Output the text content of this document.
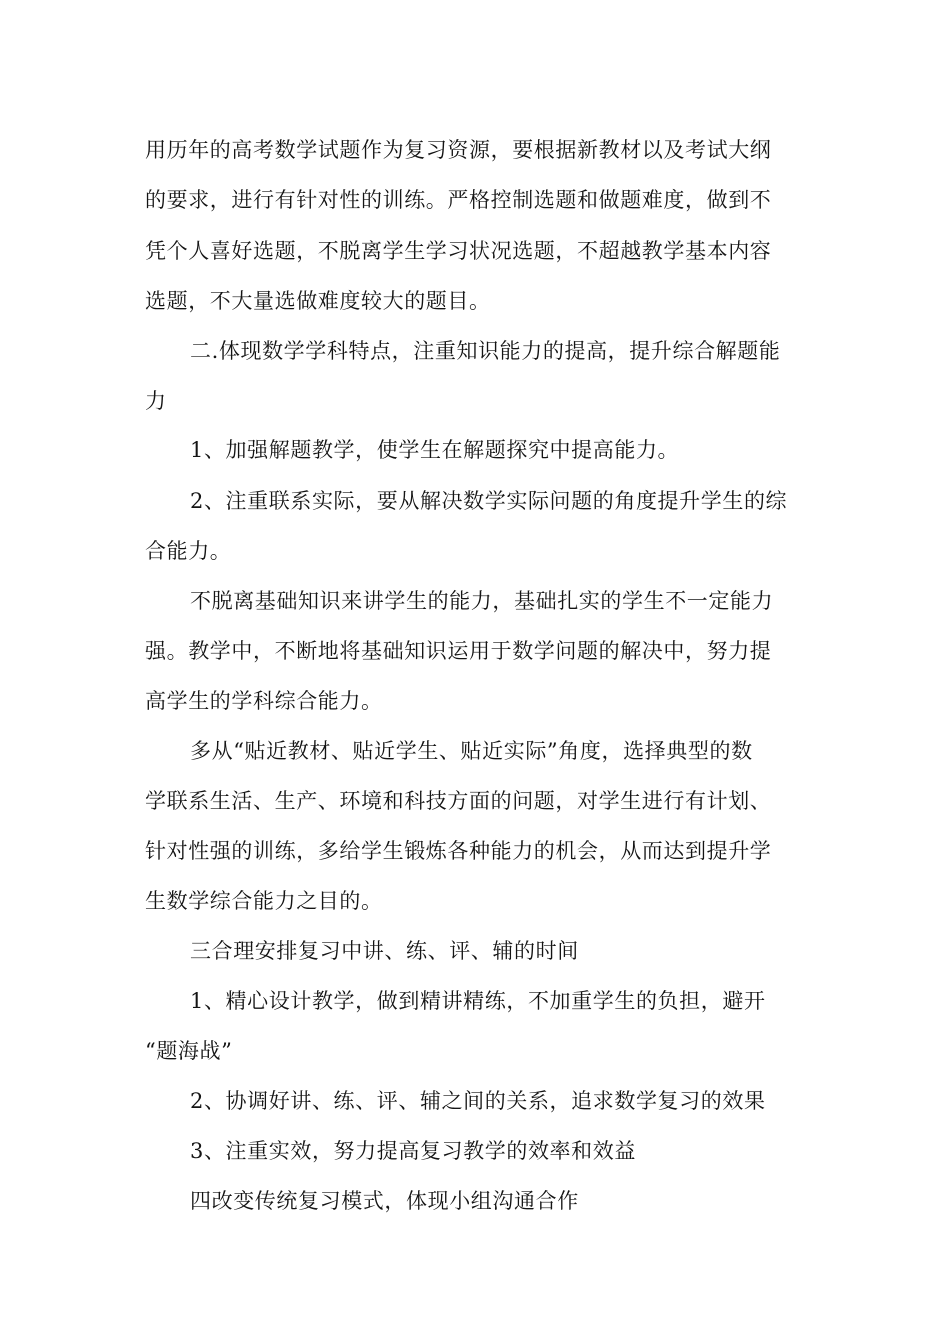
用历年的高考数学试题作为复习资源，要根据新教材以及考试大纲
的要求，进行有针对性的训练。严格控制选题和做题难度，做到不
凭个人喜好选题，不脱离学生学习状况选题，不超越教学基本内容
选题，不大量选做难度较大的题目。
二.体现数学学科特点，注重知识能力的提高，提升综合解题能
力
1、加强解题教学，使学生在解题探究中提高能力。
2、注重联系实际，要从解决数学实际问题的角度提升学生的综
合能力。
不脱离基础知识来讲学生的能力，基础扎实的学生不一定能力
强。教学中，不断地将基础知识运用于数学问题的解决中，努力提
高学生的学科综合能力。
多从“贴近教材、贴近学生、贴近实际”角度，选择典型的数
学联系生活、生产、环境和科技方面的问题，对学生进行有计划、
针对性强的训练，多给学生锻炼各种能力的机会，从而达到提升学
生数学综合能力之目的。
三合理安排复习中讲、练、评、辅的时间
1、精心设计教学，做到精讲精练，不加重学生的负担，避开
“题海战”
2、协调好讲、练、评、辅之间的关系，追求数学复习的效果
3、注重实效，努力提高复习教学的效率和效益
四改变传统复习模式，体现小组沟通合作
